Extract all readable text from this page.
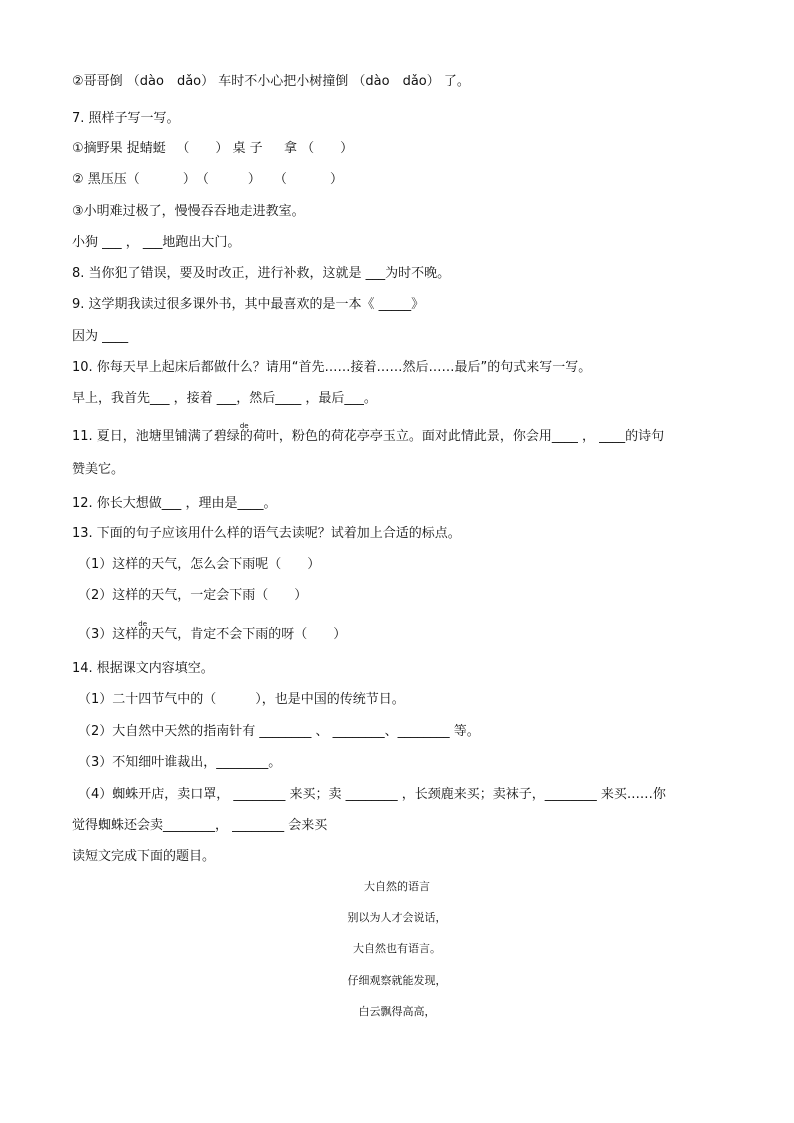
②哥哥倒 （dào　dǎo） 车时不小心把小树撞倒 （dào　dǎo） 了。
7. 照样子写一写。
①摘野果 捉蜻蜓 　（　　） 桌 子 　 拿 （　　）
② 黑压压（　　　 ）　（　　　）　　（　　　 ）
③小明难过极了，慢慢吞吞地走进教室。
小狗 ___ ， ___地跑出大门。
8. 当你犯了错误，要及时改正，进行补救，这就是 ___为时不晚。
9. 这学期我读过很多课外书，其中最喜欢的是一本《 _____》
因为 ____
10. 你每天早上起床后都做什么？请用“首先……接着……然后……最后”的句式来写一写。
早上，我首先___ ，接着 ___，然后____ ，最后___。
11. 夏日，池塘里铺满了碧绿
de
的荷叶，粉色的荷花亭亭玉立。面对此情此景，你会用____ ， ____的诗句
赞美它。
12. 你长大想做___ ，理由是____。
13. 下面的句子应该用什么样的语气去读呢？试着加上合适的标点。
（1）这样的天气，怎么会下雨呢（　　）
（2）这样的天气，一定会下雨（　　）
（3）这样
de
的天气，肯定不会下雨的呀（　　）
14. 根据课文内容填空。
（1）二十四节气中的（　　　），也是中国的传统节日。
（2）大自然中天然的指南针有 ________ 、 ________、________ 等。
（3）不知细叶谁裁出，________。
（4）蜘蛛开店，卖口罩， ________ 来买；卖 ________ ，长颈鹿来买；卖袜子，________ 来买……你
觉得蜘蛛还会卖________， ________ 会来买
读短文完成下面的题目。
大自然的语言
别以为人才会说话，
大自然也有语言。
仔细观察就能发现，
白云飘得高高，
